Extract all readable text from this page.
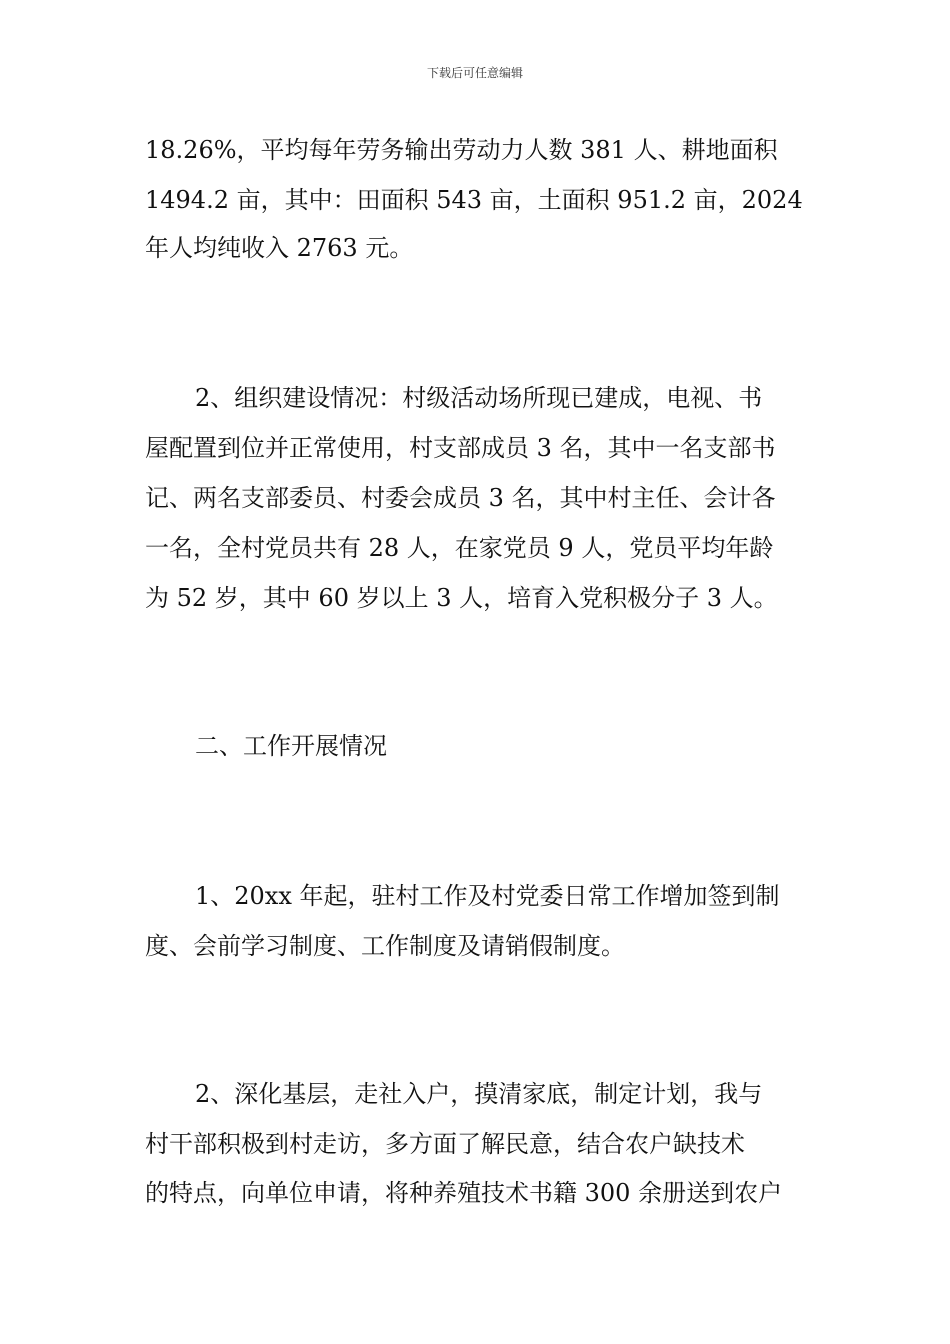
下载后可任意编辑
18.26%，平均每年劳务输出劳动力人数 381 人、耕地面积
1494.2 亩，其中：田面积 543 亩，土面积 951.2 亩，2024
年人均纯收入 2763 元。
2、组织建设情况：村级活动场所现已建成，电视、书
屋配置到位并正常使用，村支部成员 3 名，其中一名支部书
记、两名支部委员、村委会成员 3 名，其中村主任、会计各
一名，全村党员共有 28 人，在家党员 9 人，党员平均年龄
为 52 岁，其中 60 岁以上 3 人，培育入党积极分子 3 人。
二、工作开展情况
1、20xx 年起，驻村工作及村党委日常工作增加签到制
度、会前学习制度、工作制度及请销假制度。
2、深化基层，走社入户，摸清家底，制定计划，我与
村干部积极到村走访，多方面了解民意，结合农户缺技术
的特点，向单位申请，将种养殖技术书籍 300 余册送到农户
